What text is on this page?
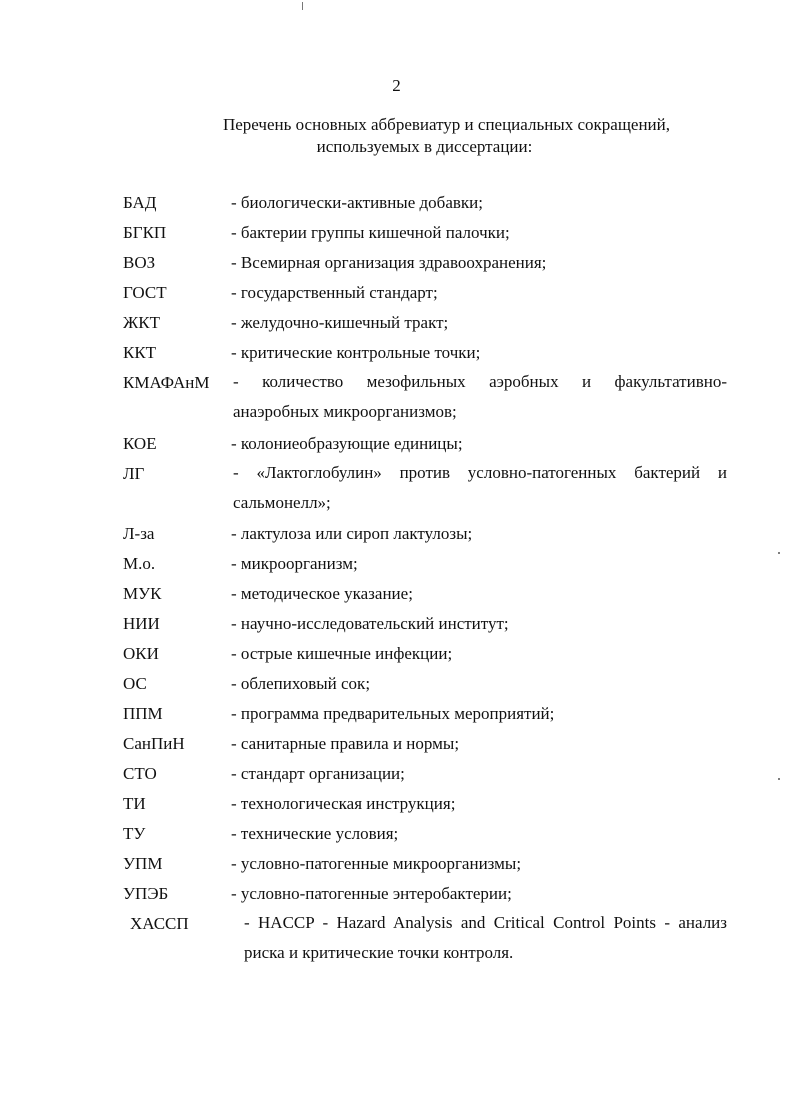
2
Перечень основных аббревиатур и специальных сокращений,
используемых в диссертации:
БАД	- биологически-активные добавки;
БГКП	- бактерии группы кишечной палочки;
ВОЗ	- Всемирная организация здравоохранения;
ГОСТ	- государственный стандарт;
ЖКТ	- желудочно-кишечный тракт;
ККТ	- критические контрольные точки;
КМАФАнМ - количество мезофильных аэробных и факультативно-
анаэробных микроорганизмов;
КОЕ	- колониеобразующие единицы;
ЛГ	- «Лактоглобулин» против условно-патогенных бактерий и
сальмонелл»;
Л-за	- лактулоза или сироп лактулозы;
М.о.	- микроорганизм;
МУК	- методическое указание;
НИИ	- научно-исследовательский институт;
ОКИ	- острые кишечные инфекции;
ОС	- облепиховый сок;
ППМ	- программа предварительных мероприятий;
СанПиН	- санитарные правила и нормы;
СТО	- стандарт организации;
ТИ	- технологическая инструкция;
ТУ	- технические условия;
УПМ	- условно-патогенные микроорганизмы;
УПЭБ	- условно-патогенные энтеробактерии;
ХАССП	- HACCP - Hazard Analysis and Critical Control Points - анализ
риска и критические точки контроля.
